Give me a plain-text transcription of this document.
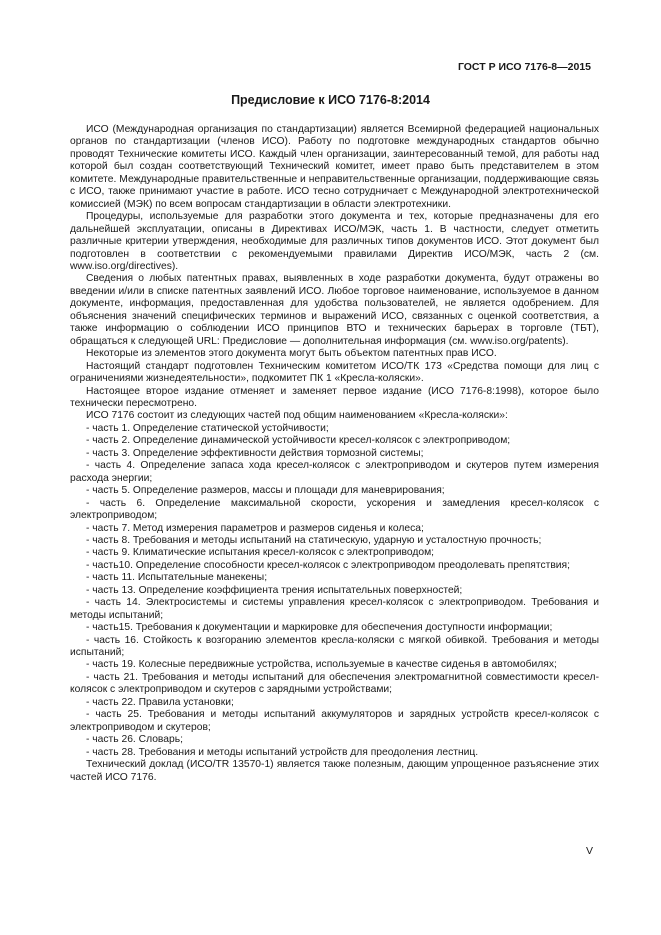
ГОСТ Р ИСО 7176-8—2015
Предисловие к ИСО 7176-8:2014

ИСО (Международная организация по стандартизации) является Всемирной федерацией национальных органов по стандартизации (членов ИСО). Работу по подготовке международных стандартов обычно проводят Технические комитеты ИСО. Каждый член организации, заинтересованный темой, для работы над которой был создан соответствующий Технический комитет, имеет право быть представителем в этом комитете. Международные правительственные и неправительственные организации, поддерживающие связь с ИСО, также принимают участие в работе. ИСО тесно сотрудничает с Международной электротехнической комиссией (МЭК) по всем вопросам стандартизации в области электротехники.

Процедуры, используемые для разработки этого документа и тех, которые предназначены для его дальнейшей эксплуатации, описаны в Директивах ИСО/МЭК, часть 1. В частности, следует отметить различные критерии утверждения, необходимые для различных типов документов ИСО. Этот документ был подготовлен в соответствии с рекомендуемыми правилами Директив ИСО/МЭК, часть 2 (см. www.iso.org/directives).

Сведения о любых патентных правах, выявленных в ходе разработки документа, будут отражены во введении и/или в списке патентных заявлений ИСО. Любое торговое наименование, используемое в данном документе, информация, предоставленная для удобства пользователей, не является одобрением. Для объяснения значений специфических терминов и выражений ИСО, связанных с оценкой соответствия, а также информацию о соблюдении ИСО принципов ВТО и технических барьерах в торговле (ТБТ), обращаться к следующей URL: Предисловие — дополнительная информация (см. www.iso.org/patents).

Некоторые из элементов этого документа могут быть объектом патентных прав ИСО.

Настоящий стандарт подготовлен Техническим комитетом ИСО/ТК 173 «Средства помощи для лиц с ограничениями жизнедеятельности», подкомитет ПК 1 «Кресла-коляски».

Настоящее второе издание отменяет и заменяет первое издание (ИСО 7176-8:1998), которое было технически пересмотрено.

ИСО 7176 состоит из следующих частей под общим наименованием «Кресла-коляски»:

- часть 1. Определение статической устойчивости;

- часть 2. Определение динамической устойчивости кресел-колясок с электроприводом;

- часть 3. Определение эффективности действия тормозной системы;

- часть 4. Определение запаса хода кресел-колясок с электроприводом и скутеров путем измерения расхода энергии;

- часть 5. Определение размеров, массы и площади для маневрирования;

- часть 6. Определение максимальной скорости, ускорения и замедления кресел-колясок с электроприводом;

- часть 7. Метод измерения параметров и размеров сиденья и колеса;

- часть 8. Требования и методы испытаний на статическую, ударную и усталостную прочность;

- часть 9. Климатические испытания кресел-колясок с электроприводом;

- часть10. Определение способности кресел-колясок с электроприводом преодолевать препятствия;

- часть 11. Испытательные манекены;

- часть 13. Определение коэффициента трения испытательных поверхностей;

- часть 14. Электросистемы и системы управления кресел-колясок с электроприводом. Требования и методы испытаний;

- часть15. Требования к документации и маркировке для обеспечения доступности информации;

- часть 16. Стойкость к возгоранию элементов кресла-коляски с мягкой обивкой. Требования и методы испытаний;

- часть 19. Колесные передвижные устройства, используемые в качестве сиденья в автомобилях;

- часть 21. Требования и методы испытаний для обеспечения электромагнитной совместимости кресел-колясок с электроприводом и скутеров с зарядными устройствами;

- часть 22. Правила установки;

- часть 25. Требования и методы испытаний аккумуляторов и зарядных устройств кресел-колясок с электроприводом и скутеров;

- часть 26. Словарь;

- часть 28. Требования и методы испытаний устройств для преодоления лестниц.

Технический доклад (ИСО/TR 13570-1) является также полезным, дающим упрощенное разъяснение этих частей ИСО 7176.

V
